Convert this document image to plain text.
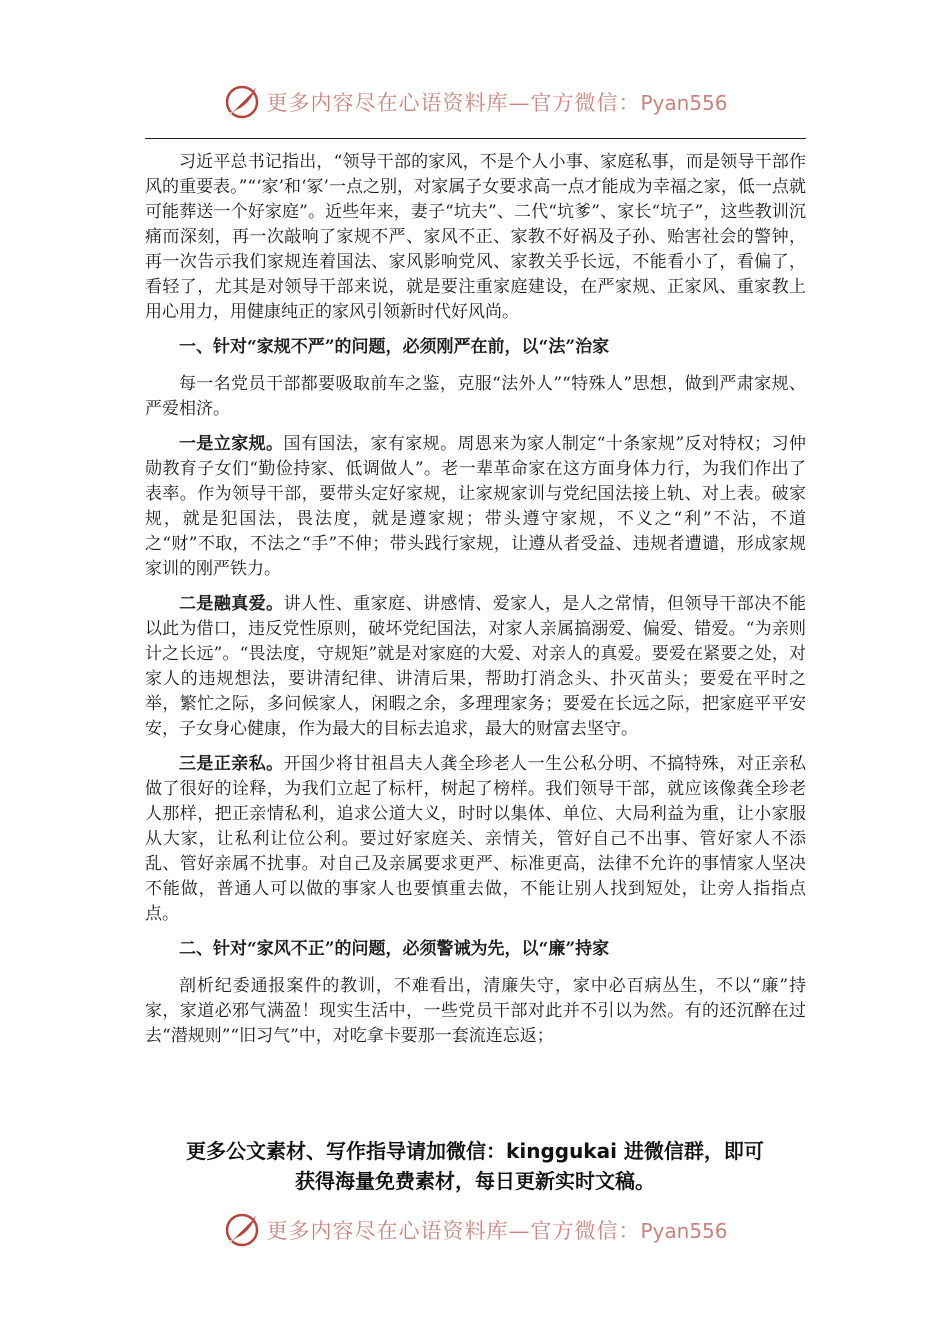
更多内容尽在心语资料库—官方微信：Pyan556

习近平总书记指出，“领导干部的家风，不是个人小事、家庭私事，而是领导干部作风的重要表。”“‘家’和‘冢’一点之别，对家属子女要求高一点才能成为幸福之家，低一点就可能葬送一个好家庭”。近些年来，妻子“坑夫”、二代“坑爹”、家长“坑子”，这些教训沉痛而深刻，再一次敲响了家规不严、家风不正、家教不好祸及子孙、贻害社会的警钟，再一次告示我们家规连着国法、家风影响党风、家教关乎长远，不能看小了，看偏了，看轻了，尤其是对领导干部来说，就是要注重家庭建设，在严家规、正家风、重家教上用心用力，用健康纯正的家风引领新时代好风尚。

一、针对“家规不严”的问题，必须刚严在前，以“法”治家

每一名党员干部都要吸取前车之鉴，克服“法外人”“特殊人”思想，做到严肃家规、严爱相济。

一是立家规。国有国法，家有家规。周恩来为家人制定“十条家规”反对特权；习仲勋教育子女们“勤俭持家、低调做人”。老一辈革命家在这方面身体力行，为我们作出了表率。作为领导干部，要带头定好家规，让家规家训与党纪国法接上轨、对上表。破家规，就是犯国法，畏法度，就是遵家规；带头遵守家规，不义之“利”不沾，不道之“财”不取，不法之“手”不伸；带头践行家规，让遵从者受益、违规者遭谴，形成家规家训的刚严铁力。

二是融真爱。讲人性、重家庭、讲感情、爱家人，是人之常情，但领导干部决不能以此为借口，违反党性原则，破坏党纪国法，对家人亲属搞溺爱、偏爱、错爱。“为亲则计之长远”。“畏法度，守规矩”就是对家庭的大爱、对亲人的真爱。要爱在紧要之处，对家人的违规想法，要讲清纪律、讲清后果，帮助打消念头、扑灭苗头；要爱在平时之举，繁忙之际，多问候家人，闲暇之余，多理理家务；要爱在长远之际，把家庭平平安安，子女身心健康，作为最大的目标去追求，最大的财富去坚守。

三是正亲私。开国少将甘祖昌夫人龚全珍老人一生公私分明、不搞特殊，对正亲私做了很好的诠释，为我们立起了标杆，树起了榜样。我们领导干部，就应该像龚全珍老人那样，把正亲情私利，追求公道大义，时时以集体、单位、大局利益为重，让小家服从大家，让私利让位公利。要过好家庭关、亲情关，管好自己不出事、管好家人不添乱、管好亲属不扰事。对自己及亲属要求更严、标准更高，法律不允许的事情家人坚决不能做，普通人可以做的事家人也要慎重去做，不能让别人找到短处，让旁人指指点点。

二、针对“家风不正”的问题，必须警诫为先，以“廉”持家

剖析纪委通报案件的教训，不难看出，清廉失守，家中必百病丛生，不以“廉”持家，家道必邪气满盈！现实生活中，一些党员干部对此并不引以为然。有的还沉醉在过去“潜规则”“旧习气”中，对吃拿卡要那一套流连忘返；

更多公文素材、写作指导请加微信：kinggukai 进微信群，即可
获得海量免费素材，每日更新实时文稿。
更多内容尽在心语资料库—官方微信：Pyan556
